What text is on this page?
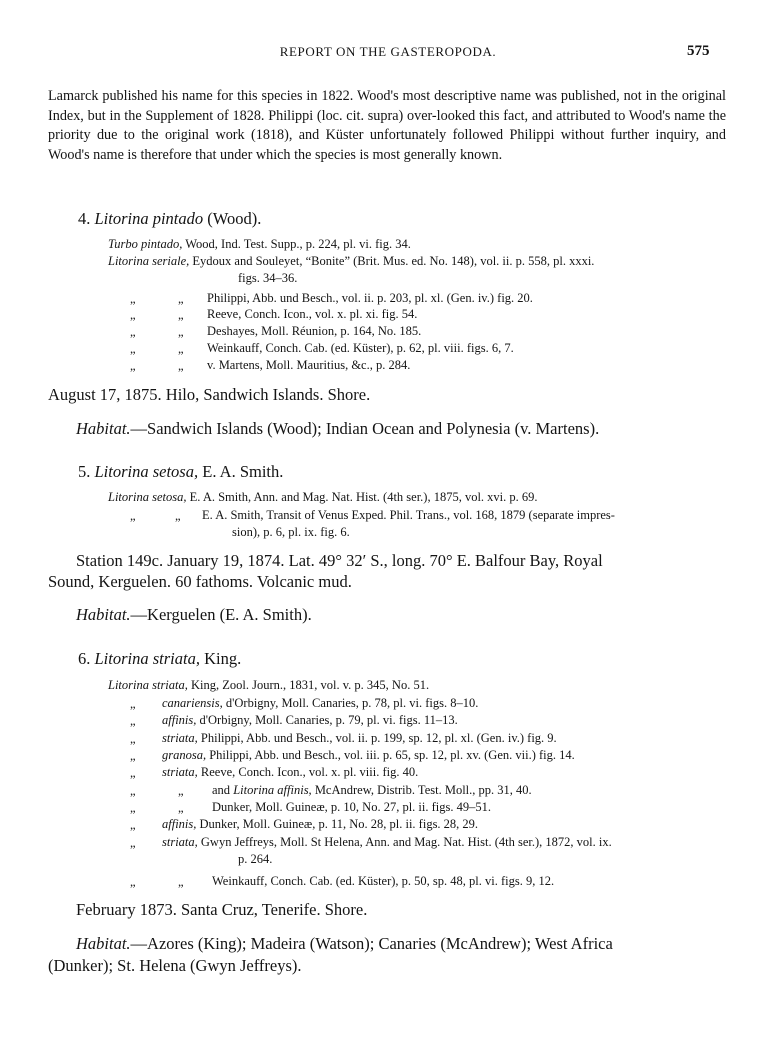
REPORT ON THE GASTEROPODA.	575

Lamarck published his name for this species in 1822. Wood's most descriptive name was published, not in the original Index, but in the Supplement of 1828. Philippi (loc. cit. supra) over-looked this fact, and attributed to Wood's name the priority due to the original work (1818), and Küster unfortunately followed Philippi without further inquiry, and Wood's name is therefore that under which the species is most generally known.

4. Litorina pintado (Wood).
Turbo pintado, Wood, Ind. Test. Supp., p. 224, pl. vi. fig. 34.
Litorina seriale, Eydoux and Souleyet, “Bonite” (Brit. Mus. ed. No. 148), vol. ii. p. 558, pl. xxxi.
figs. 34–36.
„	„ Philippi, Abb. und Besch., vol. ii. p. 203, pl. xl. (Gen. iv.) fig. 20.
„	„ Reeve, Conch. Icon., vol. x. pl. xi. fig. 54.
„	„ Deshayes, Moll. Réunion, p. 164, No. 185.
„	„ Weinkauff, Conch. Cab. (ed. Küster), p. 62, pl. viii. figs. 6, 7.
„	„ v. Martens, Moll. Mauritius, &c., p. 284.
August 17, 1875. Hilo, Sandwich Islands. Shore.
Habitat.—Sandwich Islands (Wood); Indian Ocean and Polynesia (v. Martens).
5. Litorina setosa, E. A. Smith.
Litorina setosa, E. A. Smith, Ann. and Mag. Nat. Hist. (4th ser.), 1875, vol. xvi. p. 69.
„	„ E. A. Smith, Transit of Venus Exped. Phil. Trans., vol. 168, 1879 (separate impres-
sion), p. 6, pl. ix. fig. 6.
Station 149c. January 19, 1874. Lat. 49° 32′ S., long. 70° E. Balfour Bay, Royal
Sound, Kerguelen. 60 fathoms. Volcanic mud.
Habitat.—Kerguelen (E. A. Smith).
6. Litorina striata, King.
Litorina striata, King, Zool. Journ., 1831, vol. v. p. 345, No. 51.
„ canariensis, d'Orbigny, Moll. Canaries, p. 78, pl. vi. figs. 8–10.
„ affinis, d'Orbigny, Moll. Canaries, p. 79, pl. vi. figs. 11–13.
„ striata, Philippi, Abb. und Besch., vol. ii. p. 199, sp. 12, pl. xl. (Gen. iv.) fig. 9.
„ granosa, Philippi, Abb. und Besch., vol. iii. p. 65, sp. 12, pl. xv. (Gen. vii.) fig. 14.
„ striata, Reeve, Conch. Icon., vol. x. pl. viii. fig. 40.
„	„ and Litorina affinis, McAndrew, Distrib. Test. Moll., pp. 31, 40.
„	„ Dunker, Moll. Guineæ, p. 10, No. 27, pl. ii. figs. 49–51.
„ affinis, Dunker, Moll. Guineæ, p. 11, No. 28, pl. ii. figs. 28, 29.
„ striata, Gwyn Jeffreys, Moll. St Helena, Ann. and Mag. Nat. Hist. (4th ser.), 1872, vol. ix.
p. 264.
„	„ Weinkauff, Conch. Cab. (ed. Küster), p. 50, sp. 48, pl. vi. figs. 9, 12.
February 1873. Santa Cruz, Tenerife. Shore.
Habitat.—Azores (King); Madeira (Watson); Canaries (McAndrew); West Africa
(Dunker); St. Helena (Gwyn Jeffreys).
